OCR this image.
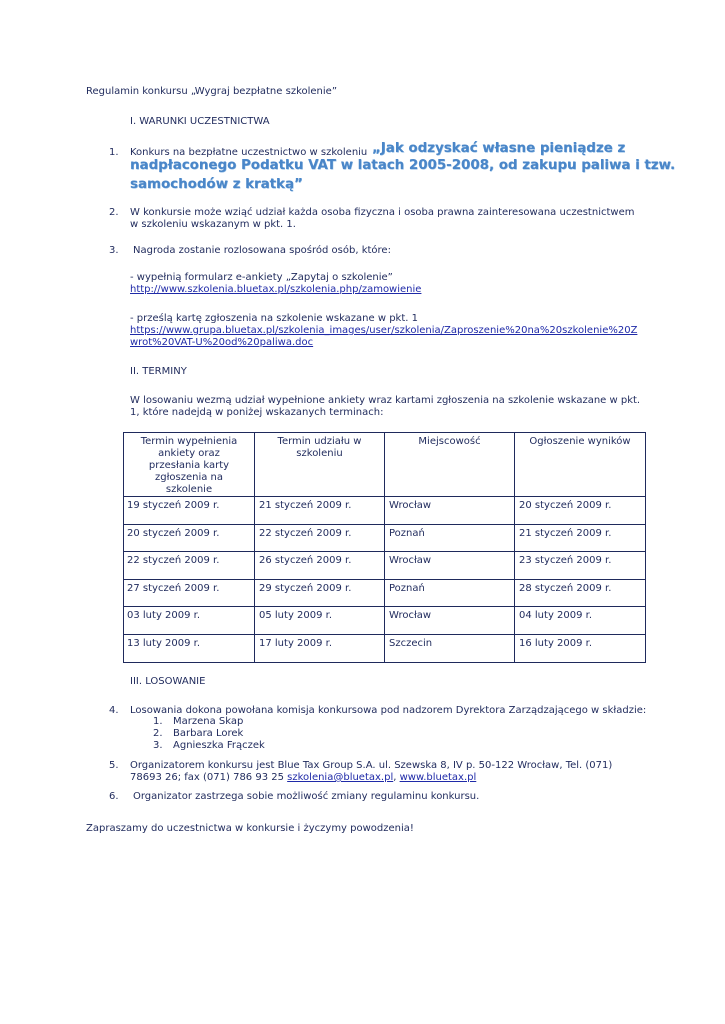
Regulamin konkursu „Wygraj bezpłatne szkolenie”

I. WARUNKI UCZESTNICTWA

1. Konkurs na bezpłatne uczestnictwo w szkoleniu „Jak odzyskać własne pieniądze z
nadpłaconego Podatku VAT w latach 2005-2008, od zakupu paliwa i tzw.
samochodów z kratką”
2. W konkursie może wziąć udział każda osoba fizyczna i osoba prawna zainteresowana uczestnictwem

w szkoleniu wskazanym w pkt. 1.

3. Nagroda zostanie rozlosowana spośród osób, które:

- wypełnią formularz e-ankiety „Zapytaj o szkolenie”

http://www.szkolenia.bluetax.pl/szkolenia.php/zamowienie

- prześlą kartę zgłoszenia na szkolenie wskazane w pkt. 1

https://www.grupa.bluetax.pl/szkolenia_images/user/szkolenia/Zaproszenie%20na%20szkolenie%20Z
wrot%20VAT-U%20od%20paliwa.doc

II. TERMINY

W losowaniu wezmą udział wypełnione ankiety wraz kartami zgłoszenia na szkolenie wskazane w pkt.

1, które nadejdą w poniżej wskazanych terminach:

Termin wypełnienia ankiety oraz przesłania karty zgłoszenia na szkolenie	Termin udziału w szkoleniu	Miejscowość	Ogłoszenie wyników
19 styczeń 2009 r.	21 styczeń 2009 r.	Wrocław	20 styczeń 2009 r.
20 styczeń 2009 r.	22 styczeń 2009 r.	Poznań	21 styczeń 2009 r.
22 styczeń 2009 r.	26 styczeń 2009 r.	Wrocław	23 styczeń 2009 r.
27 styczeń 2009 r.	29 styczeń 2009 r.	Poznań	28 styczeń 2009 r.
03 luty 2009 r.	05 luty 2009 r.	Wrocław	04 luty 2009 r.
13 luty 2009 r.	17 luty 2009 r.	Szczecin	16 luty 2009 r.

III. LOSOWANIE

4. Losowania dokona powołana komisja konkursowa pod nadzorem Dyrektora Zarządzającego w składzie:

1. Marzena Skap

2. Barbara Lorek

3. Agnieszka Frączek

5. Organizatorem konkursu jest Blue Tax Group S.A. ul. Szewska 8, IV p. 50-122 Wrocław, Tel. (071)

78693 26; fax (071) 786 93 25 szkolenia@bluetax.pl, www.bluetax.pl

6. Organizator zastrzega sobie możliwość zmiany regulaminu konkursu.

Zapraszamy do uczestnictwa w konkursie i życzymy powodzenia!
